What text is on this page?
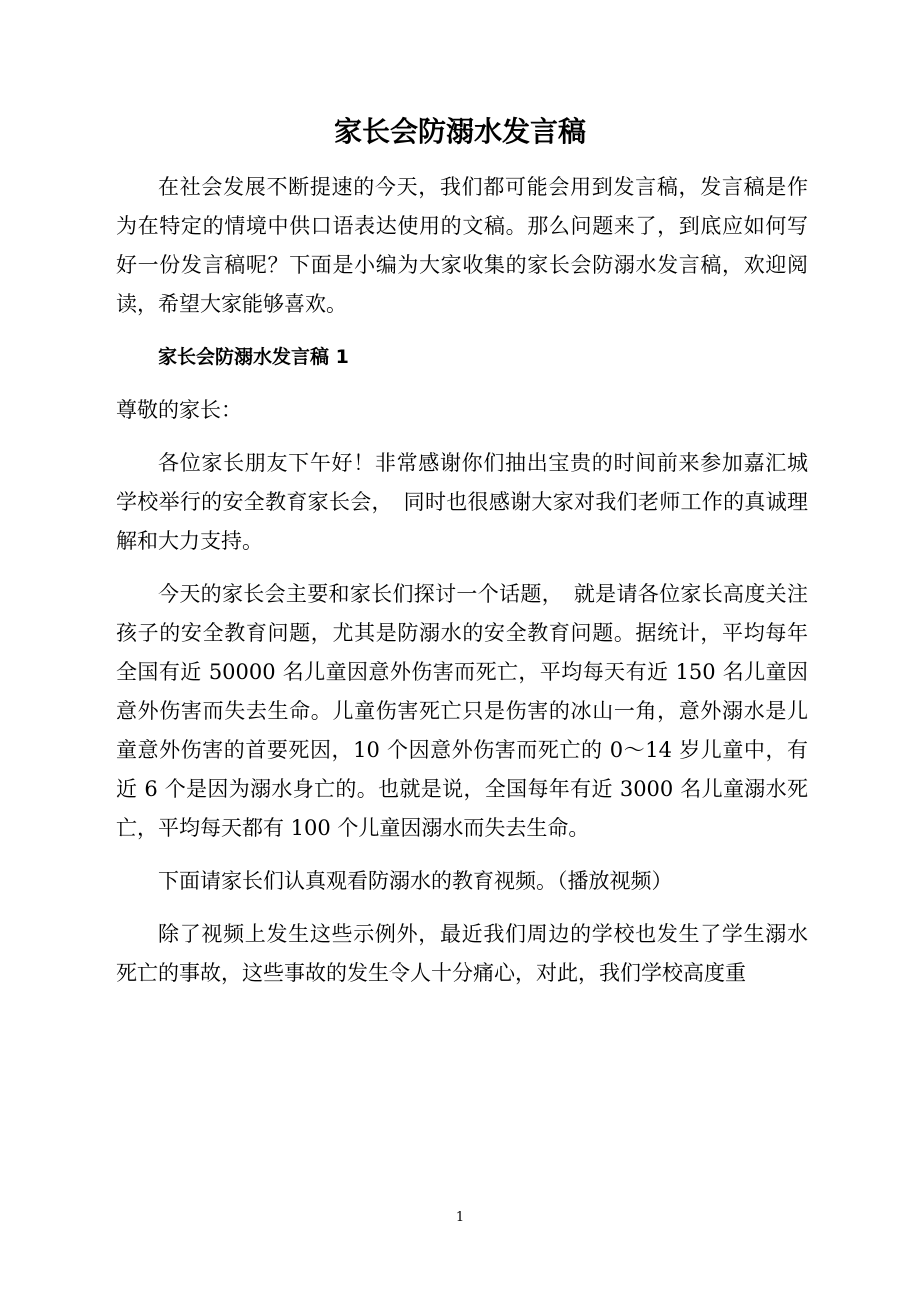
家长会防溺水发言稿

在社会发展不断提速的今天，我们都可能会用到发言稿，发言稿是作为在特定的情境中供口语表达使用的文稿。那么问题来了，到底应如何写好一份发言稿呢？下面是小编为大家收集的家长会防溺水发言稿，欢迎阅读，希望大家能够喜欢。

家长会防溺水发言稿 1

尊敬的家长：

各位家长朋友下午好！非常感谢你们抽出宝贵的时间前来参加嘉汇城学校举行的安全教育家长会，　同时也很感谢大家对我们老师工作的真诚理解和大力支持。

今天的家长会主要和家长们探讨一个话题，　就是请各位家长高度关注孩子的安全教育问题，尤其是防溺水的安全教育问题。据统计，平均每年全国有近 50000 名儿童因意外伤害而死亡，平均每天有近 150 名儿童因意外伤害而失去生命。儿童伤害死亡只是伤害的冰山一角，意外溺水是儿童意外伤害的首要死因，10 个因意外伤害而死亡的 0～14 岁儿童中，有近 6 个是因为溺水身亡的。也就是说，全国每年有近 3000 名儿童溺水死亡，平均每天都有 100 个儿童因溺水而失去生命。

下面请家长们认真观看防溺水的教育视频。（播放视频）

除了视频上发生这些示例外，最近我们周边的学校也发生了学生溺水死亡的事故，这些事故的发生令人十分痛心，对此，我们学校高度重

1
